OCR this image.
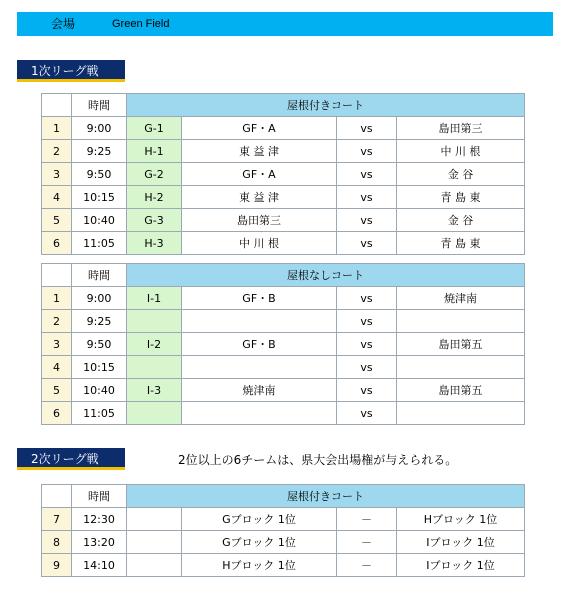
会場	Green Field
1次リーグ戦
	時間	屋根付きコート			
1	9:00	G-1	GF・A	vs	島田第三
2	9:25	H-1	東 益 津	vs	中 川 根
3	9:50	G-2	GF・A	vs	金 谷
4	10:15	H-2	東 益 津	vs	青 島 東
5	10:40	G-3	島田第三	vs	金 谷
6	11:05	H-3	中 川 根	vs	青 島 東
	時間	屋根なしコート			
1	9:00	I-1	GF・B	vs	焼津南
2	9:25			vs	
3	9:50	I-2	GF・B	vs	島田第五
4	10:15			vs	
5	10:40	I-3	焼津南	vs	島田第五
6	11:05			vs	
2次リーグ戦	2位以上の6チームは、県大会出場権が与えられる。
	時間	屋根付きコート			
7	12:30		Gブロック 1位	－	Hブロック 1位
8	13:20		Gブロック 1位	－	Iブロック 1位
9	14:10		Hブロック 1位	－	Iブロック 1位
